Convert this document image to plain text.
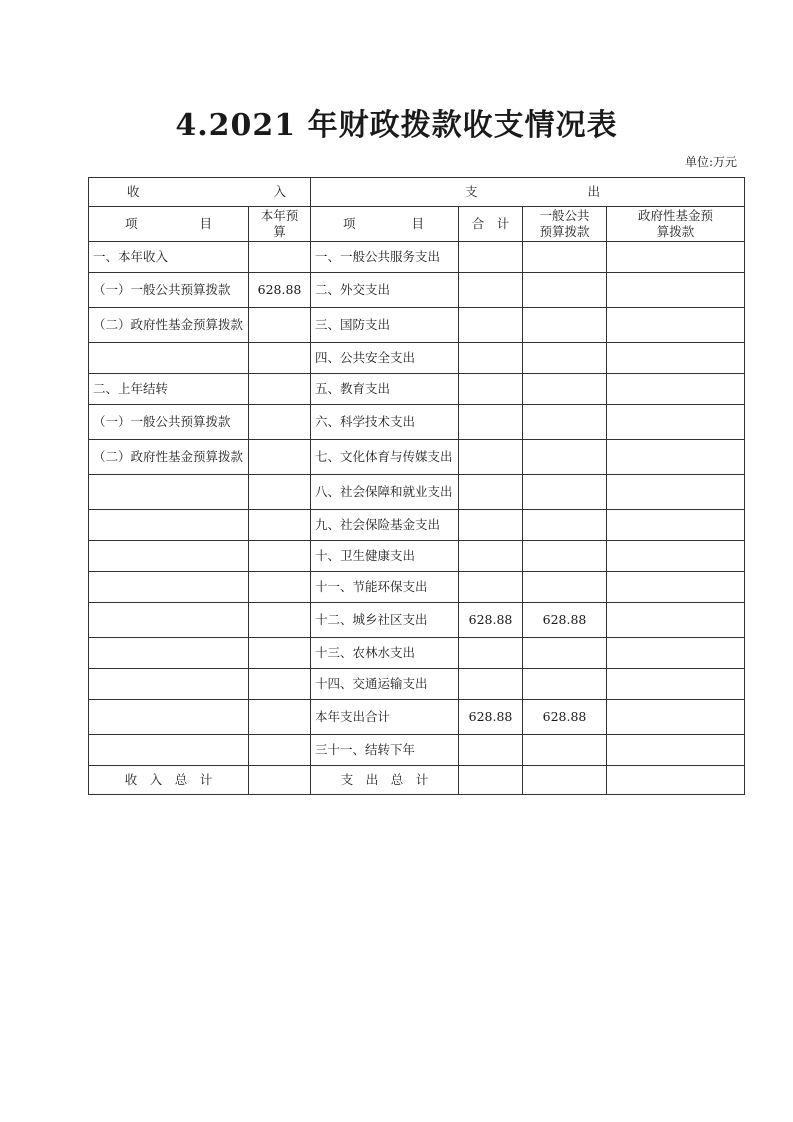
4.2021 年财政拨款收支情况表
单位:万元
收 入		支 出			

项 目	本年预算	项 目	合　计	一般公共预算拨款	政府性基金预算拨款
一、本年收入		一、一般公共服务支出			
（一）一般公共预算拨款	628.88	二、外交支出			
（二）政府性基金预算拨款		三、国防支出			
		四、公共安全支出			
二、上年结转		五、教育支出			
（一）一般公共预算拨款		六、科学技术支出			
（二）政府性基金预算拨款		七、文化体育与传媒支出			
		八、社会保障和就业支出			
		九、社会保险基金支出			
		十、卫生健康支出			
		十一、节能环保支出			
		十二、城乡社区支出	628.88	628.88	
		十三、农林水支出			
		十四、交通运输支出			
		本年支出合计	628.88	628.88	
		三十一、结转下年			
收　入　总　计		支　出　总　计			
